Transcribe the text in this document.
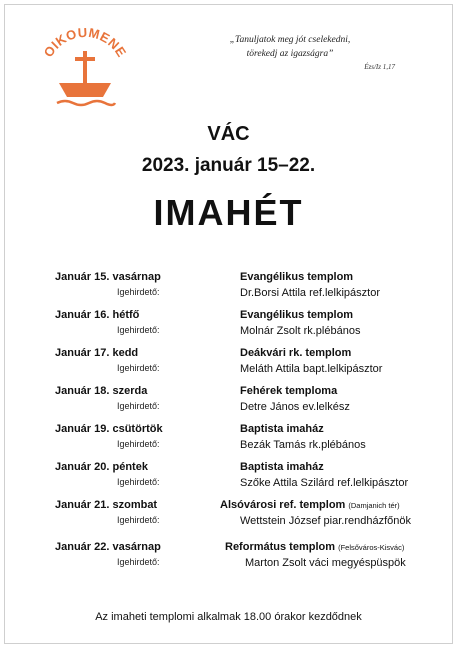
OIKOUMENE
„Tanuljatok meg jót cselekedni,
törekedj az igazságra”
Ézs/Iz 1,17
VÁC
2023. január 15–22.
IMAHÉT
Január 15. vasárnap
Igehirdető:
Evangélikus templom
Dr.Borsi Attila ref.lelkipásztor
Január 16. hétfő
Igehirdető:
Evangélikus templom
Molnár Zsolt rk.plébános
Január 17. kedd
Igehirdető:
Deákvári rk. templom
Meláth Attila bapt.lelkipásztor
Január 18. szerda
Igehirdető:
Fehérek temploma
Detre János ev.lelkész
Január 19. csütörtök
Igehirdető:
Baptista imaház
Bezák Tamás rk.plébános
Január 20. péntek
Igehirdető:
Baptista imaház
Szőke Attila Szilárd ref.lelkipásztor
Január 21. szombat
Igehirdető:
Alsóvárosi ref. templom (Damjanich tér)
Wettstein József piar.rendházfőnök
Január 22. vasárnap
Igehirdető:
Református templom (Felsőváros-Kisvác)
Marton Zsolt váci megyéspüspök
Az imaheti templomi alkalmak 18.00 órakor kezdődnek
